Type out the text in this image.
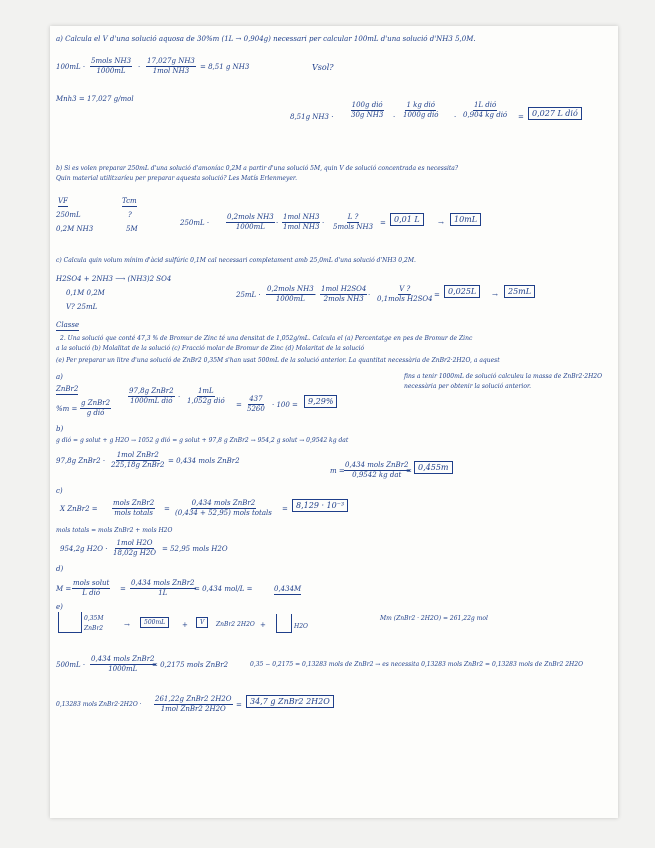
a) Calcula el V d'una solució aquosa de 30%m (1L → 0,904g) necessari per calcular 100mL d'una solució d'NH3 5,0M.
100mL ·
5mols NH3
1000mL ·
17,027g NH3
1mol NH3 = 8,51 g NH3	Vsol?
Mnh3 = 17,027 g/mol
8,51g NH3 ·
100g dió
30g NH3 ·
1 kg dió
1000g dió ·
1L dió
0,904 kg dió =	0,027 L dió
b) Si es volen preparar 250mL d'una solució d'amoníac 0,2M a partir d'una solució 5M, quin V de solució concentrada es necessita?
Quin material utilitzaríeu per preparar aquesta solució? Les Matís Erlenmeyer.
VF	Tcm
250mL	?
0,2M NH3	5M
250mL ·
0,2mols NH3
1000mL ·
1mol NH3
1mol NH3 ·
L ?
5mols NH3 =	0,01 L	→	10mL
c) Calcula quin volum mínim d'àcid sulfúric 0,1M cal necessari completament amb 25,0mL d'una solució d'NH3 0,2M.
H2SO4 + 2NH3 ⟶ (NH3)2 SO4
0,1M 0,2M
V? 25mL
25mL ·
0,2mols NH3
1000mL ·
1mol H2SO4
2mols NH3 ·
V ?
0,1mols H2SO4 =	0,025L	→	25mL
Classe
2. Una solució que conté 47,3 % de Bromur de Zinc té una densitat de 1,052g/mL. Calcula el (a) Percentatge en pes de Bromur de Zinc
a la solució (b) Molalitat de la solució (c) Fracció molar de Bromur de Zinc (d) Molaritat de la solució
(e) Per preparar un litre d'una solució de ZnBr2 0,35M s'han usat 500mL de la solució anterior. La quantitat necessària de ZnBr2·2H2O, a aquest
fins a tenir 1000mL de solució calculeu la massa de ZnBr2·2H2O
necessària per obtenir la solució anterior.
a)
ZnBr2
%m =
g ZnBr2
g dió
97,8g ZnBr2
1000mL dió ·
1mL
1,052g dió =
437
5260 · 100 =	9,29%
b)
g dió = g solut + g H2O → 1052 g dió = g solut + 97,8 g ZnBr2 → 954,2 g solut → 0,9542 kg dat
97,8g ZnBr2 ·
1mol ZnBr2
225,18g ZnBr2 = 0,434 mols ZnBr2
m =
0,434 mols ZnBr2
0,9542 kg dat = 0,455m
c)
X ZnBr2 =
mols ZnBr2
mols totals =
0,434 mols ZnBr2
(0,434 + 52,95) mols totals =	8,129 · 10⁻³
mols totals = mols ZnBr2 + mols H2O
954,2g H2O ·
1mol H2O
18,02g H2O = 52,95 mols H2O
d)
M =
mols solut
L dió	=
0,434 mols ZnBr2
1L	= 0,434 mol/L =	0,434M
e)
0,35M
ZnBr2	→	500mL	+	V	ZnBr2 2H2O +	H2O
Mm (ZnBr2 · 2H2O) = 261,22g mol
500mL ·
0,434 mols ZnBr2
1000mL = 0,2175 mols ZnBr2	0,35 − 0,2175 = 0,13283 mols de ZnBr2 → es necessita 0,13283 mols ZnBr2 = 0,13283 mols de ZnBr2 2H2O
0,13283 mols ZnBr2·2H2O ·
261,22g ZnBr2 2H2O
1mol ZnBr2 2H2O =	34,7 g ZnBr2 2H2O
